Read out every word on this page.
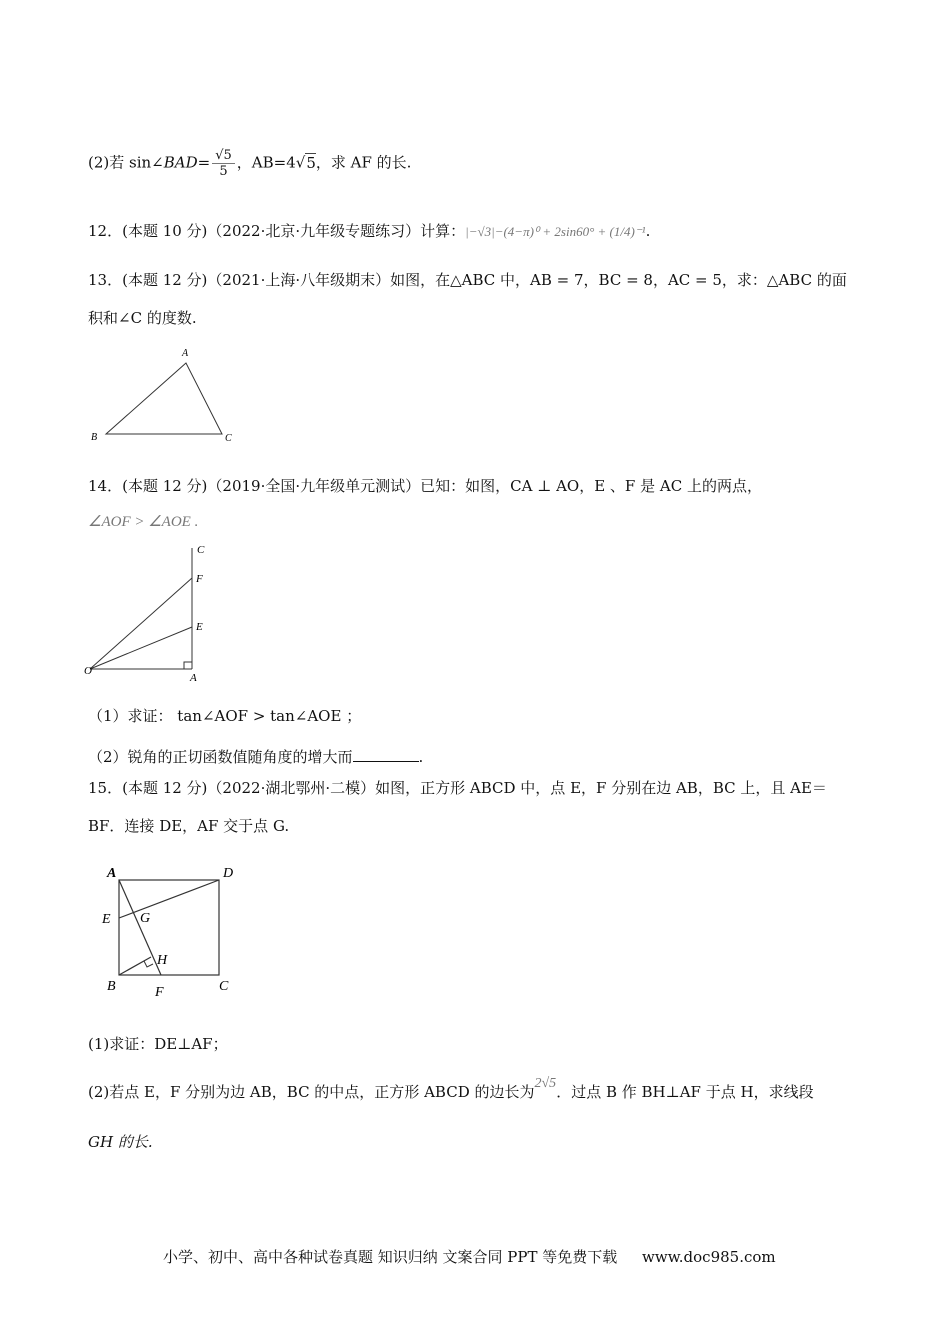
(2)若 sin∠BAD= $\frac{√5}{5}$ ，AB=4√5，求 AF 的长.
12．(本题 10 分)（2022·北京·九年级专题练习）计算：|−√3|−(4−π)⁰ + 2sin60° + (1/4)⁻¹.
13．(本题 12 分)（2021·上海·八年级期末）如图，在△ABC 中，AB = 7，BC = 8，AC = 5，求：△ABC 的面
积和∠C 的度数.
A
B	C
14．(本题 12 分)（2019·全国·九年级单元测试）已知：如图，CA ⊥ AO，E 、F 是 AC 上的两点，
∠AOF > ∠AOE .
C
F
E
O
A
（1）求证： tan∠AOF > tan∠AOE ；
（2）锐角的正切函数值随角度的增大而	.
15．(本题 12 分)（2022·湖北鄂州·二模）如图，正方形 ABCD 中，点 E，F 分别在边 AB，BC 上，且 AE＝
BF．连接 DE，AF 交于点 G.
A	D
E G
H
B	F	C
(1)求证：DE⊥AF；
(2)若点 E，F 分别为边 AB，BC 的中点，正方形 ABCD 的边长为2√5．过点 B 作 BH⊥AF 于点 H，求线段
GH 的长.
小学、初中、高中各种试卷真题 知识归纳 文案合同 PPT 等免费下载 www.doc985.com
